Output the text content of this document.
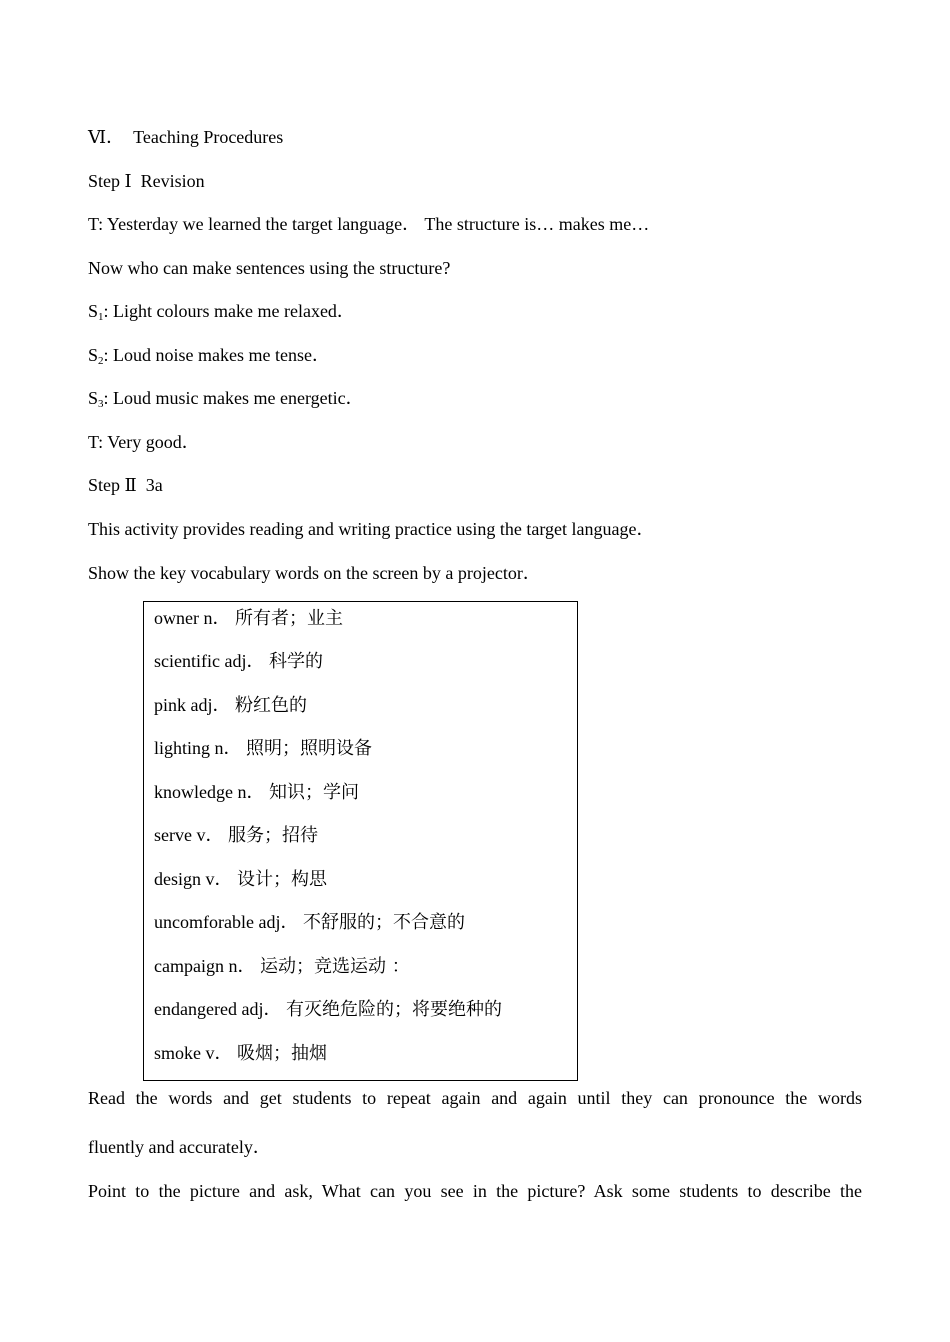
Ⅵ． Teaching Procedures
Step Ⅰ Revision
T: Yesterday we learned the target language． The structure is… makes me…
Now who can make sentences using the structure?
$S_1$: Light colours make me relaxed．
$S_2$: Loud noise makes me tense．
$S_3$: Loud music makes me energetic．
T: Very good．
Step Ⅱ 3a
This activity provides reading and writing practice using the target language．
Show the key vocabulary words on the screen by a projector．
owner n． 所有者；业主
scientific adj． 科学的
pink adj． 粉红色的
lighting n． 照明；照明设备
knowledge n． 知识；学问
serve v． 服务；招待
design v． 设计；构思
uncomforable adj． 不舒服的；不合意的
campaign n． 运动；竞选运动 ：
endangered adj． 有灭绝危险的；将要绝种的
smoke v． 吸烟；抽烟
Read the words and get students to repeat again and again until they can pronounce the words
fluently and accurately．
Point to the picture and ask, What can you see in the picture? Ask some students to describe the
